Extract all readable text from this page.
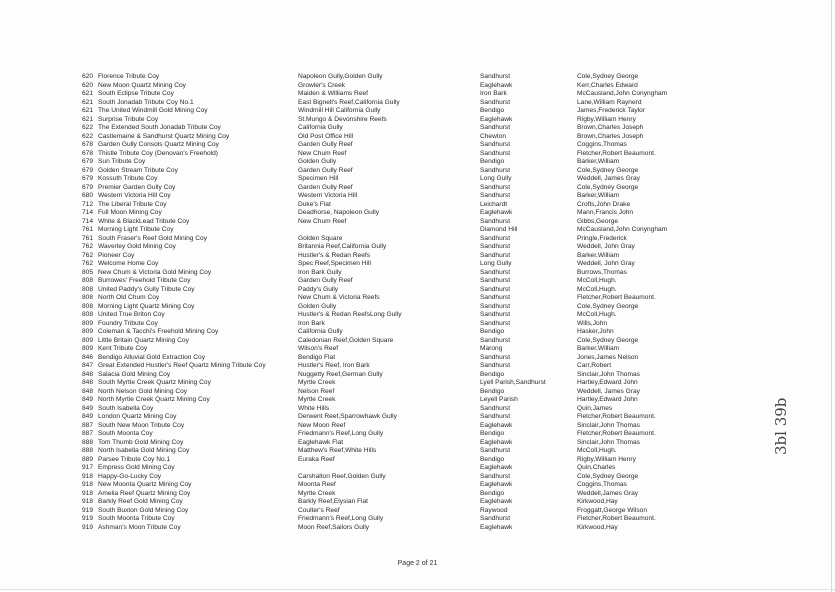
620	Florence Tribute Coy	Napoleon Gully,Golden Gully	Sandhurst	Cole,Sydney George
620	New Moon Quartz Mining Coy	Growler's Creek	Eaglehawk	Kerr,Charles Edward
621	South Eclipse Tribute Coy	Maiden & Williams Reef	Iron Bark	McCausland,John Conyngham
621	South Jonadab Tribute Coy No.1	East Bignell's Reef,California Gully	Sandhurst	Lane,William Raynerd
621	The United Windmill Gold Mining Coy	Windmill Hill California Gully	Bendigo	James,Frederick Taylor
621	Surprise Tribute Coy	St.Mungo & Devonshire Reefs	Eaglehawk	Rigby,William Henry
622	The Extended South Jonadab Tribute Coy	California Gully	Sandhurst	Brown,Charles Joseph
622	Castlemaine & Sandhurst Quartz Mining Coy	Old Post Office Hill	Chewton	Brown,Charles Joseph
678	Garden Gully Consols Quartz Mining Coy	Garden Gully Reef	Sandhurst	Coggins,Thomas
678	Thistle Tribute Coy (Denovan's Freehold)	New Chum Reef	Sandhurst	Fletcher,Robert Beaumont.
679	Sun Tribute Coy	Golden Gully	Bendigo	Barker,William
679	Golden Stream Tribute Coy	Garden Gully Reef	Sandhurst	Cole,Sydney George
679	Kossuth Tribute Coy	Specimen Hill	Long Gully	Weddell, James Gray
679	Premier Garden Gully Coy	Garden Gully Reef	Sandhurst	Cole,Sydney George
680	Western Victoria Hill Coy	Western Victoria Hill	Sandhurst	Barker,William
712	The Liberal Tribute Coy	Duke's Flat	Leichardt	Crofts,John Drake
714	Full Moon Mining Coy	Deadhorse, Napoleon Gully	Eaglehawk	Mann,Francis John
714	White & BlackLead Tribute Coy	New Chum Reef	Sandhurst	Gibbs,George
761	Morning Light Tribute Coy		Diamond Hill	McCausland,John Conyngham
761	South Fraser's Reef Gold Mining Coy	Golden Square	Sandhurst	Pringle,Frederick
762	Waverley Gold Mining Coy	Britannia Reef,California Gully	Sandhurst	Weddell, John Gray
762	Pioneer Coy	Hustler's & Redan Reefs	Sandhurst	Barker,William
762	Welcome Home Coy	Spec Reef,Specimen Hill	Long Gully	Weddell, John Gray
805	New Chum & Victoria Gold Mining Coy	Iron Bark Gully	Sandhurst	Burrows,Thomas
808	Burrowes' Freehold Tribute Coy	Garden Gully Reef	Sandhurst	McColl,Hugh.
808	United Paddy's Gully Tribute Coy	Paddy's Gully	Sandhurst	McColl,Hugh.
808	North Old Chum Coy	New Chum & Victoria Reefs	Sandhurst	Fletcher,Robert Beaumont.
808	Morning Light Quartz Mining Coy	Golden Gully	Sandhurst	Cole,Sydney George
808	United True Briton Coy	Hustler's & Redan ReefsLong Gully	Sandhurst	McColl,Hugh.
809	Foundry Tribute Coy	Iron Bark	Sandhurst	Wills,John
809	Coleman & Tacchi's Freehold Mining Coy	California Gully	Bendigo	Hasker,John
809	Little Britain Quartz Mining Coy	Caledonian Reef,Golden Square	Sandhurst	Cole,Sydney George
809	Kent Tribute Coy	Wilson's Reef	Marong	Barker,William
846	Bendigo Alluvial Gold Extraction Coy	Bendigo Flat	Sandhurst	Jones,James Nelson
847	Great Extended Hustler's Reef Quartz Mining Tribute Coy	Hustler's Reef, Iron Bark	Sandhurst	Carr,Robert
848	Salacia Gold Mining Coy	Nuggetty Reef,German Gully	Bendigo	Sinclair,John Thomas
848	South Myrtle Creek Quartz Mining Coy	Myrtle Creek	Lyell Parish,Sandhurst	Hartley,Edward John
848	North Nelson Gold Mining Coy	Nelson Reef	Bendigo	Weddell, James Gray
849	North Myrtle Creek Quartz Mining Coy	Myrtle Creek	Leyell Parish	Hartley,Edward John
849	South Isabella Coy	White Hills	Sandhurst	Quin,James
849	London Quartz Mining Coy	Derwent Reef,Sparrowhawk Gully	Sandhurst	Fletcher,Robert Beaumont.
887	South New Moon Tribute Coy	New Moon Reef	Eaglehawk	Sinclair,John Thomas
887	South Moonta Coy	Friedmann's Reef,Long Gully	Bendigo	Fletcher,Robert Beaumont.
888	Tom Thumb Gold Mining Coy	Eaglehawk Flat	Eaglehawk	Sinclair,John Thomas
888	North Isabella Gold Mining Coy	Matthew's Reef,White Hills	Sandhurst	McColl,Hugh.
889	Parsee Tribute Coy No.1	Euraka Reef	Bendigo	Rigby,William Henry
917	Empress Gold Mining Coy		Eaglehawk	Quin,Charles
918	Happy-Go-Lucky Coy	Carshalton Reef,Golden Gully	Sandhurst	Cole,Sydney George
918	New Moonta Quartz Mining Coy	Moonta Reef	Eaglehawk	Coggins,Thomas
918	Amelia Reef Quartz Mining Coy	Myrtle Creek	Bendigo	Weddell,James Gray
918	Barkly Reef Gold Mining Coy	Barkly Reef,Elysian Flat	Eaglehawk	Kirkwood,Hay
919	South Buxton Gold Mining Coy	Coulter's Reef	Raywood	Froggatt,George Wilson
919	South Moonta Tribute Coy	Friedmann's Reef,Long Gully	Sandhurst	Fletcher,Robert Beaumont.
919	Ashman's Moon Tribute Coy	Moon Reef,Sailors Gully	Eaglehawk	Kirkwood,Hay
Page 2 of 21
3bl 39b
